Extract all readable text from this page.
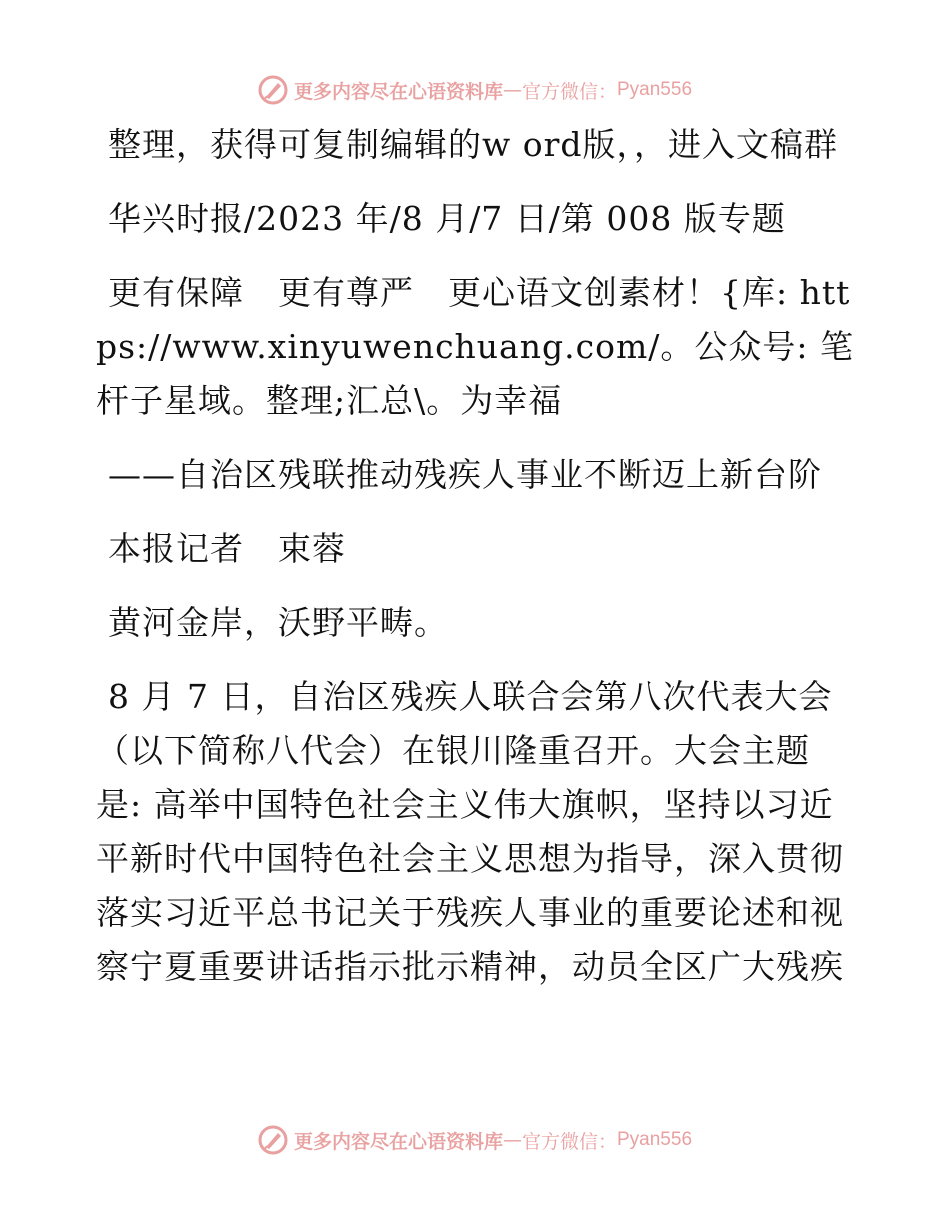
更多内容尽在心语资料库 — 官方微信： Pyan556

整理，获得可复制编辑的w ord版，，进入文稿群

华兴时报/2023 年/8 月/7 日/第 008 版专题

更有保障　更有尊严　更心语文创素材！{库: https://www.xinyuwenchuang.com/。公众号: 笔杆子星域。整理;汇总\。为幸福

——自治区残联推动残疾人事业不断迈上新台阶

本报记者　束蓉

黄河金岸，沃野平畴。

8 月 7 日，自治区残疾人联合会第八次代表大会（以下简称八代会）在银川隆重召开。大会主题是: 高举中国特色社会主义伟大旗帜，坚持以习近平新时代中国特色社会主义思想为指导，深入贯彻落实习近平总书记关于残疾人事业的重要论述和视察宁夏重要讲话指示批示精神，动员全区广大残疾

更多内容尽在心语资料库 — 官方微信： Pyan556
